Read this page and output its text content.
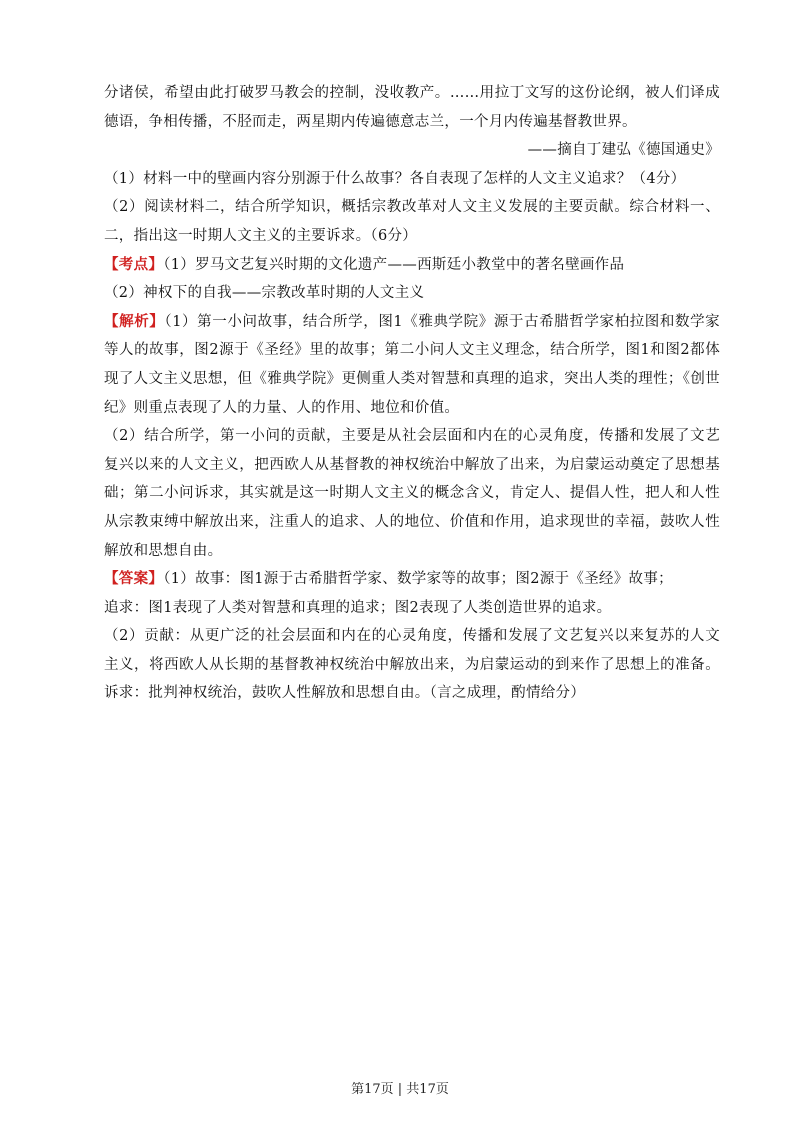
分诸侯，希望由此打破罗马教会的控制，没收教产。……用拉丁文写的这份论纲，被人们译成德语，争相传播，不胫而走，两星期内传遍德意志兰，一个月内传遍基督教世界。

——摘自丁建弘《德国通史》

（1）材料一中的壁画内容分别源于什么故事？各自表现了怎样的人文主义追求？（4分）

（2）阅读材料二，结合所学知识，概括宗教改革对人文主义发展的主要贡献。综合材料一、二，指出这一时期人文主义的主要诉求。（6分）

【考点】（1）罗马文艺复兴时期的文化遗产——西斯廷小教堂中的著名壁画作品

（2）神权下的自我——宗教改革时期的人文主义

【解析】（1）第一小问故事，结合所学，图1《雅典学院》源于古希腊哲学家柏拉图和数学家等人的故事，图2源于《圣经》里的故事；第二小问人文主义理念，结合所学，图1和图2都体现了人文主义思想，但《雅典学院》更侧重人类对智慧和真理的追求，突出人类的理性；《创世纪》则重点表现了人的力量、人的作用、地位和价值。

（2）结合所学，第一小问的贡献，主要是从社会层面和内在的心灵角度，传播和发展了文艺复兴以来的人文主义，把西欧人从基督教的神权统治中解放了出来，为启蒙运动奠定了思想基础；第二小问诉求，其实就是这一时期人文主义的概念含义，肯定人、提倡人性，把人和人性从宗教束缚中解放出来，注重人的追求、人的地位、价值和作用，追求现世的幸福，鼓吹人性解放和思想自由。

【答案】（1）故事：图1源于古希腊哲学家、数学家等的故事；图2源于《圣经》故事；

追求：图1表现了人类对智慧和真理的追求；图2表现了人类创造世界的追求。

（2）贡献：从更广泛的社会层面和内在的心灵角度，传播和发展了文艺复兴以来复苏的人文主义，将西欧人从长期的基督教神权统治中解放出来，为启蒙运动的到来作了思想上的准备。诉求：批判神权统治，鼓吹人性解放和思想自由。（言之成理，酌情给分）

第17页 | 共17页
